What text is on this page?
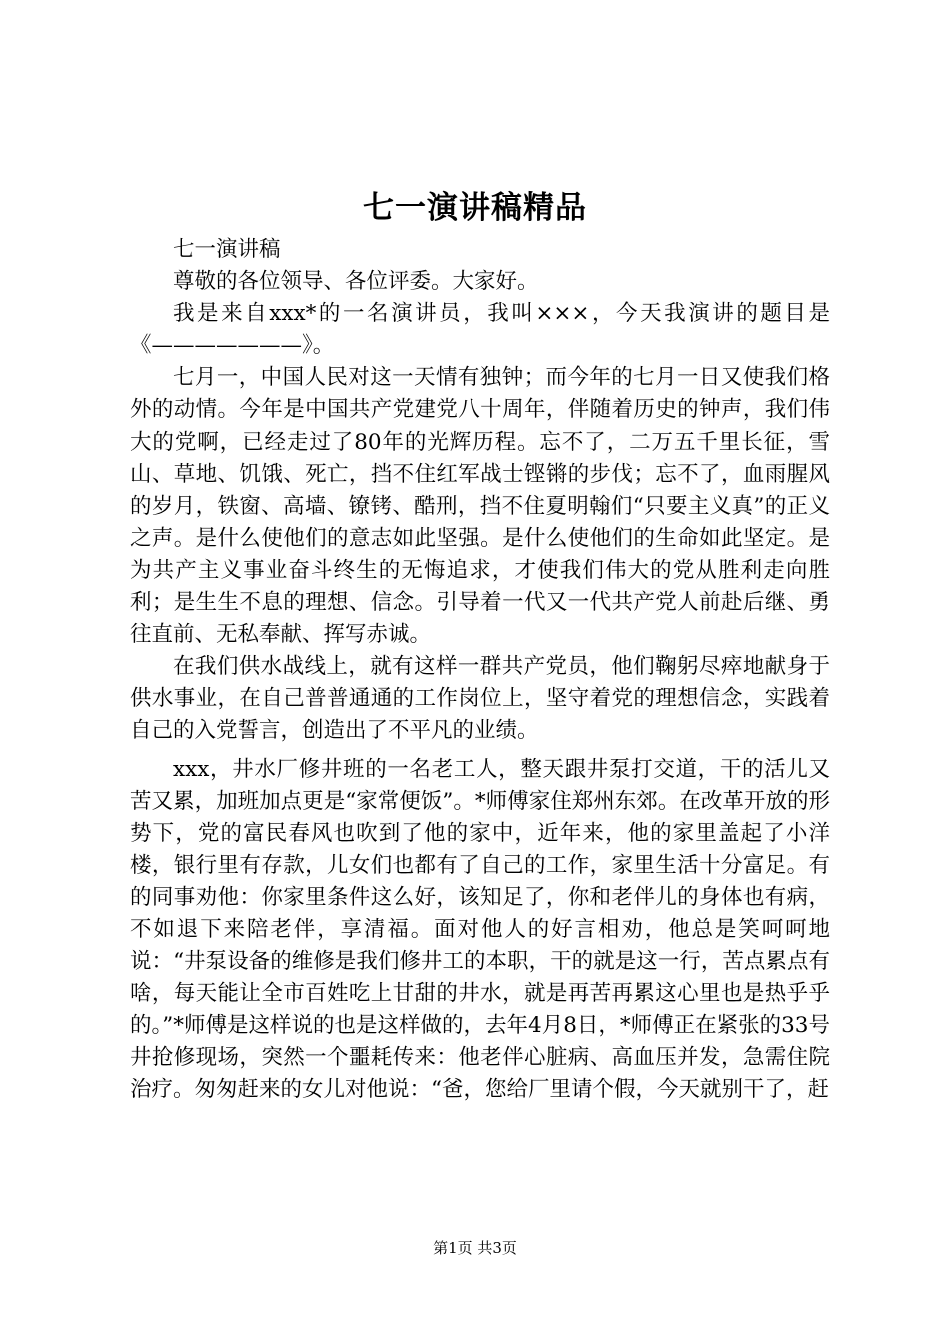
七一演讲稿精品

七一演讲稿

尊敬的各位领导、各位评委。大家好。

我是来自xxx*的一名演讲员，我叫×××，今天我演讲的题目是《———————》。

七月一，中国人民对这一天情有独钟；而今年的七月一日又使我们格外的动情。今年是中国共产党建党八十周年，伴随着历史的钟声，我们伟大的党啊，已经走过了80年的光辉历程。忘不了，二万五千里长征，雪山、草地、饥饿、死亡，挡不住红军战士铿锵的步伐；忘不了，血雨腥风的岁月，铁窗、高墙、镣铐、酷刑，挡不住夏明翰们“只要主义真”的正义之声。是什么使他们的意志如此坚强。是什么使他们的生命如此坚定。是为共产主义事业奋斗终生的无悔追求，才使我们伟大的党从胜利走向胜利；是生生不息的理想、信念。引导着一代又一代共产党人前赴后继、勇往直前、无私奉献、挥写赤诚。

在我们供水战线上，就有这样一群共产党员，他们鞠躬尽瘁地献身于供水事业，在自己普普通通的工作岗位上，坚守着党的理想信念，实践着自己的入党誓言，创造出了不平凡的业绩。

xxx，井水厂修井班的一名老工人，整天跟井泵打交道，干的活儿又苦又累，加班加点更是“家常便饭”。*师傅家住郑州东郊。在改革开放的形势下，党的富民春风也吹到了他的家中，近年来，他的家里盖起了小洋楼，银行里有存款，儿女们也都有了自己的工作，家里生活十分富足。有的同事劝他：你家里条件这么好，该知足了，你和老伴儿的身体也有病，不如退下来陪老伴，享清福。面对他人的好言相劝，他总是笑呵呵地说：“井泵设备的维修是我们修井工的本职，干的就是这一行，苦点累点有啥，每天能让全市百姓吃上甘甜的井水，就是再苦再累这心里也是热乎乎的。”*师傅是这样说的也是这样做的，去年4月8日，*师傅正在紧张的33号井抢修现场，突然一个噩耗传来：他老伴心脏病、高血压并发，急需住院治疗。匆匆赶来的女儿对他说：“爸，您给厂里请个假，今天就别干了，赶

第1页 共3页
